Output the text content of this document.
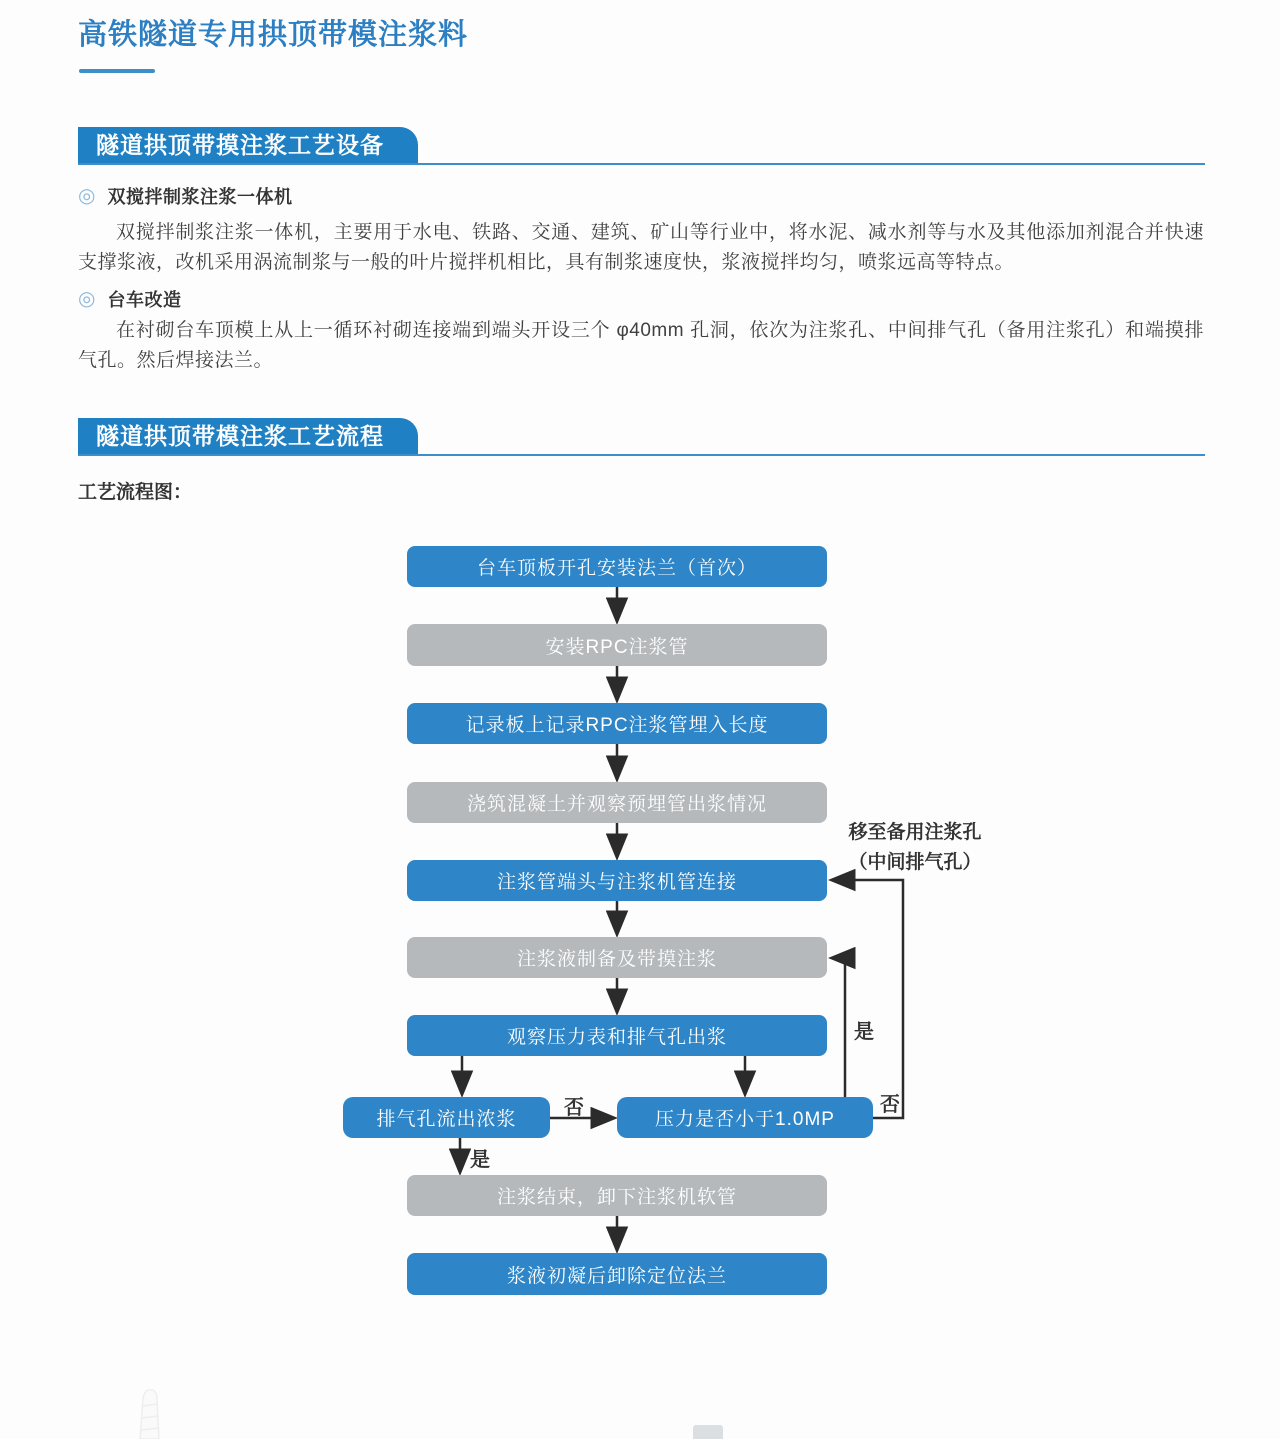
高铁隧道专用拱顶带模注浆料
隧道拱顶带摸注浆工艺设备
◎ 双搅拌制浆注浆一体机

双搅拌制浆注浆一体机，主要用于水电、铁路、交通、建筑、矿山等行业中，将水泥、减水剂等与水及其他添加剂混合并快速支撑浆液，改机采用涡流制浆与一般的叶片搅拌机相比，具有制浆速度快，浆液搅拌均匀，喷浆远高等特点。

◎ 台车改造

在衬砌台车顶模上从上一循环衬砌连接端到端头开设三个 φ40mm 孔洞，依次为注浆孔、中间排气孔（备用注浆孔）和端摸排气孔。然后焊接法兰。

隧道拱顶带模注浆工艺流程
工艺流程图：
台车顶板开孔安装法兰（首次）
安装RPC注浆管
记录板上记录RPC注浆管埋入长度
浇筑混凝土并观察预埋管出浆情况
注浆管端头与注浆机管连接
注浆液制备及带摸注浆
观察压力表和排气孔出浆
排气孔流出浓浆	压力是否小于1.0MP
注浆结束，卸下注浆机软管
浆液初凝后卸除定位法兰
否
是
是
否
移至备用注浆孔
（中间排气孔）
